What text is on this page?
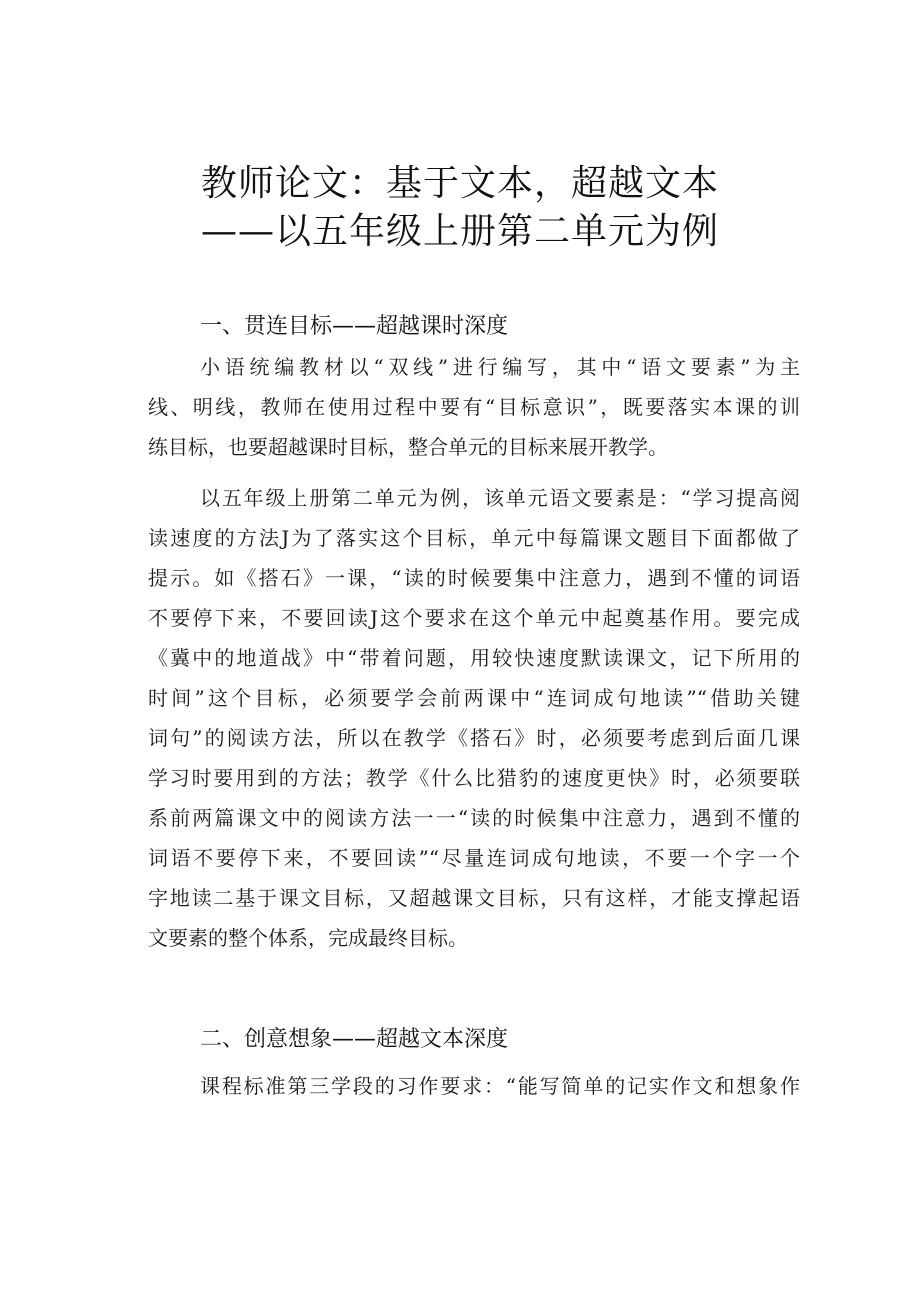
教师论文：基于文本，超越文本
——以五年级上册第二单元为例
一、贯连目标——超越课时深度
小语统编教材以“双线”进行编写，其中“语文要素”为主
线、明线，教师在使用过程中要有“目标意识”，既要落实本课的训
练目标，也要超越课时目标，整合单元的目标来展开教学。
以五年级上册第二单元为例，该单元语文要素是：“学习提高阅
读速度的方法J为了落实这个目标，单元中每篇课文题目下面都做了
提示。如《搭石》一课，“读的时候要集中注意力，遇到不懂的词语
不要停下来，不要回读J这个要求在这个单元中起奠基作用。要完成
《冀中的地道战》中“带着问题，用较快速度默读课文，记下所用的
时间”这个目标，必须要学会前两课中“连词成句地读”“借助关键
词句”的阅读方法，所以在教学《搭石》时，必须要考虑到后面几课
学习时要用到的方法；教学《什么比猎豹的速度更快》时，必须要联
系前两篇课文中的阅读方法一一“读的时候集中注意力，遇到不懂的
词语不要停下来，不要回读”“尽量连词成句地读，不要一个字一个
字地读二基于课文目标，又超越课文目标，只有这样，才能支撑起语
文要素的整个体系，完成最终目标。
二、创意想象——超越文本深度
课程标准第三学段的习作要求：“能写简单的记实作文和想象作
